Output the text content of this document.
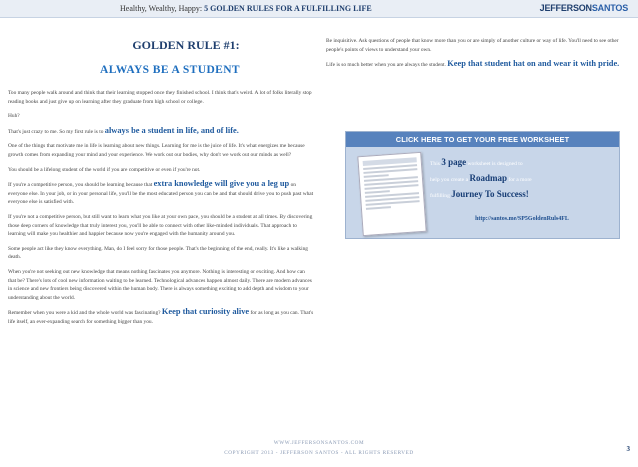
Healthy, Wealthy, Happy: 5 GOLDEN RULES FOR A FULFILLING LIFE	JEFFERSONSANTOS
GOLDEN RULE #1:
ALWAYS BE A STUDENT

Too many people walk around and think that their learning stopped once they finished school. I think that's weird. A lot of folks literally stop reading books and just give up on learning after they graduate from high school or college.

Huh?

That's just crazy to me. So my first rule is to always be a student in life, and of life.

One of the things that motivate me in life is learning about new things. Learning for me is the juice of life. It's what energizes me because growth comes from expanding your mind and your experience. We work out our bodies, why don't we work out our minds as well?

You should be a lifelong student of the world if you are competitive or even if you're not.

If you're a competitive person, you should be learning because that extra knowledge will give you a leg up on everyone else. In your job, or in your personal life, you'll be the most educated person you can be and that should drive you to push past what everyone else is satisfied with.

If you're not a competitive person, but still want to learn what you like at your own pace, you should be a student at all times. By discovering those deep corners of knowledge that truly interest you, you'll be able to connect with other like-minded individuals. That approach to learning will make you healthier and happier because now you're engaged with the humanity around you.

Some people act like they know everything. Man, do I feel sorry for those people. That's the beginning of the end, really. It's like a walking death.

When you're not seeking out new knowledge that means nothing fascinates you anymore. Nothing is interesting or exciting. And how can that be? There's lots of cool new information waiting to be learned. Technological advances happen almost daily. There are modern advances in science and new frontiers being discovered within the human body. There is always something exciting to add depth and wisdom to your understanding about the world.

Remember when you were a kid and the whole world was fascinating? Keep that curiosity alive for as long as you can. That's life itself, an ever-expanding search for something bigger than you.

Be inquisitive. Ask questions of people that know more than you or are simply of another culture or way of life. You'll need to see other people's points of views to understand your own.

Life is so much better when you are always the student. Keep that student hat on and wear it with pride.

CLICK HERE TO GET YOUR FREE WORKSHEET
This 3 page worksheet is designed to
help you create a Roadmap for a more
fulfilling Journey To Success!
http://santos.me/SP5GoldenRuls4FL
WWW.JEFFERSONSANTOS.COM
COPYRIGHT 2013 - JEFFERSON SANTOS - ALL RIGHTS RESERVED	3
